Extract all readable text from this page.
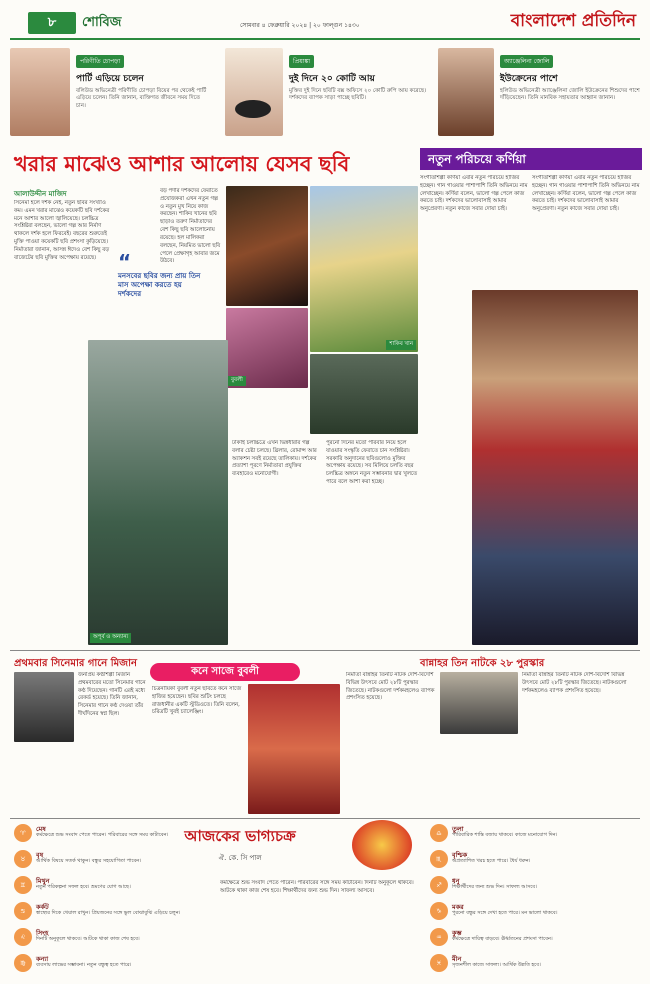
৮	শোবিজ	সোমবার ৪ ফেব্রুয়ারি ২০২৪ | ২০ ফাল্গুন ১৪৩০	বাংলাদেশ প্রতিদিন
পরিণীতি চোপড়া
পার্টি এড়িয়ে চলেন

বলিউড অভিনেত্রী পরিণীতি চোপড়া বিয়ের পর থেকেই পার্টি এড়িয়ে চলেন। তিনি জানান, ব্যক্তিগত জীবনে সময় দিতে চান।

প্রিয়াঙ্কা
দুই দিনে ২০ কোটি আয়

মুক্তির দুই দিনে ছবিটি বক্স অফিসে ২০ কোটি রুপি আয় করেছে। দর্শকদের ব্যাপক সাড়া পাচ্ছে ছবিটি।

অ্যাঞ্জেলিনা জোলি
ইউক্রেনের পাশে

হলিউড অভিনেত্রী অ্যাঞ্জেলিনা জোলি ইউক্রেনের শিশুদের পাশে দাঁড়িয়েছেন। তিনি মানবিক সহায়তার আহ্বান জানান।

খরার মাঝেও আশার আলোয় যেসব ছবি	নতুন পরিচয়ে কর্ণিয়া
আলাউদ্দীন মাজিদ
সিনেমা হলে দর্শক নেই, নতুন ছবির সংখ্যাও কম। এমন খরার মাঝেও কয়েকটি ছবি দর্শকের মনে আশার আলো জ্বালিয়েছে। চলচ্চিত্র সংশ্লিষ্টরা বলছেন, ভালো গল্প আর নির্মাণ থাকলে দর্শক হলে ফিরবেই। বছরের শুরুতেই মুক্তি পাওয়া কয়েকটি ছবি প্রশংসা কুড়িয়েছে। নির্মাতারা জানান, আসন্ন ঈদেও বেশ কিছু বড় বাজেটের ছবি মুক্তির অপেক্ষায় রয়েছে।	“
মনসবের ছবির জন্য প্রায় তিন মাস অপেক্ষা করতে হয় দর্শকদের
বড় পর্দার দর্শকদের ফেরাতে প্রযোজকরা এখন নতুন গল্প ও নতুন মুখ নিয়ে কাজ করছেন। শাকিব খানের ছবি ছাড়াও তরুণ নির্মাতাদের বেশ কিছু ছবি আলোচনায় রয়েছে। হল মালিকরা বলছেন, নিয়মিত ভালো ছবি পেলে প্রেক্ষাগৃহ আবার জমে উঠবে।
শাকিব খান
বুবলী
অপূর্ব ও অন্যান্য
ঢাকাই চলচ্চিত্রে এখন ভিন্নধারার গল্প বলার চেষ্টা চলছে। থ্রিলার, রোমান্স আর অ্যাকশন সবই রয়েছে তালিকায়। দর্শকের প্রত্যাশা পূরণে নির্মাতারা প্রযুক্তির ব্যবহারেও মনোযোগী।
পুরনো দিনের মতো পরিবার নিয়ে হলে যাওয়ার সংস্কৃতি ফেরাতে চান সংশ্লিষ্টরা। সরকারি অনুদানের ছবিগুলোও মুক্তির অপেক্ষায় রয়েছে। সব মিলিয়ে চলতি বছর চলচ্চিত্র অঙ্গনে নতুন সম্ভাবনার দ্বার খুলতে পারে বলে আশা করা হচ্ছে।
সংগীতশিল্পী কর্ণিয়া এবার নতুন পরিচয়ে হাজির হচ্ছেন। গান গাওয়ার পাশাপাশি তিনি অভিনয়ে নাম লেখাচ্ছেন। কর্ণিয়া বলেন, ভালো গল্প পেলে কাজ করতে চাই। দর্শকদের ভালোবাসাই আমার অনুপ্রেরণা। নতুন কাজে সবার দোয়া চাই।
সংগীতশিল্পী কর্ণিয়া এবার নতুন পরিচয়ে হাজির হচ্ছেন। গান গাওয়ার পাশাপাশি তিনি অভিনয়ে নাম লেখাচ্ছেন। কর্ণিয়া বলেন, ভালো গল্প পেলে কাজ করতে চাই। দর্শকদের ভালোবাসাই আমার অনুপ্রেরণা। নতুন কাজে সবার দোয়া চাই।
প্রথমবার সিনেমার গানে মিজান
জনপ্রিয় কণ্ঠশিল্পী মিজান প্রথমবারের মতো সিনেমার গানে কণ্ঠ দিয়েছেন। গানটি এরই মধ্যে রেকর্ড হয়েছে। তিনি জানান, সিনেমার গানে কণ্ঠ দেওয়া তাঁর দীর্ঘদিনের স্বপ্ন ছিল।
কনে সাজে বুবলী
চিত্রনায়িকা বুবলী নতুন ছবিতে কনে সাজে হাজির হয়েছেন। ছবির শুটিং চলছে রাজধানীর একটি স্টুডিওতে। তিনি বলেন, চরিত্রটি খুবই চ্যালেঞ্জিং।
বান্নাহর তিন নাটকে ২৮ পুরস্কার
নির্মাতা বান্নাহর তিনটি নাটক দেশি-বিদেশি বিভিন্ন উৎসবে মোট ২৮টি পুরস্কার জিতেছে। নাটকগুলো দর্শকমহলেও ব্যাপক প্রশংসিত হয়েছে।
নির্মাতা বান্নাহর তিনটি নাটক দেশি-বিদেশি বিভিন্ন উৎসবে মোট ২৮টি পুরস্কার জিতেছে। নাটকগুলো দর্শকমহলেও ব্যাপক প্রশংসিত হয়েছে।
আজকের ভাগ্যচক্র
ঐ. কে. সি পাল
♈	মেষ
কর্মক্ষেত্রে শুভ সংবাদ পেতে পারেন। পরিবারের সঙ্গে সময় কাটাবেন।
♉	বৃষ
আর্থিক বিষয়ে সতর্ক থাকুন। বন্ধুর সহযোগিতা পাবেন।
♊	মিথুন
নতুন পরিকল্পনা সফল হবে। ভ্রমণের যোগ আছে।
♋	কর্কট
স্বাস্থ্যের দিকে খেয়াল রাখুন। প্রিয়জনের সঙ্গে ভুল বোঝাবুঝি এড়িয়ে চলুন।
♌	সিংহ
দিনটি অনুকূলে থাকবে। আটকে থাকা কাজ শেষ হবে।
♍	কন্যা
ব্যবসায় লাভের সম্ভাবনা। নতুন বন্ধুত্ব হতে পারে।
♎	তুলা
পারিবারিক শান্তি বজায় থাকবে। কাজে মনোযোগ দিন।
♏	বৃশ্চিক
অপ্রত্যাশিত খরচ হতে পারে। ধৈর্য ধরুন।
♐	ধনু
শিক্ষার্থীদের জন্য শুভ দিন। সাফল্য আসবে।
♑	মকর
পুরনো বন্ধুর সঙ্গে দেখা হতে পারে। মন ভালো থাকবে।
♒	কুম্ভ
কর্মক্ষেত্রে দায়িত্ব বাড়বে। ঊর্ধ্বতনের প্রশংসা পাবেন।
♓	মীন
সৃজনশীল কাজে সাফল্য। আর্থিক উন্নতি হবে।
কর্মক্ষেত্রে শুভ সংবাদ পেতে পারেন। পরিবারের সঙ্গে সময় কাটাবেন। দিনটি অনুকূলে থাকবে। আটকে থাকা কাজ শেষ হবে। শিক্ষার্থীদের জন্য শুভ দিন। সাফল্য আসবে।
